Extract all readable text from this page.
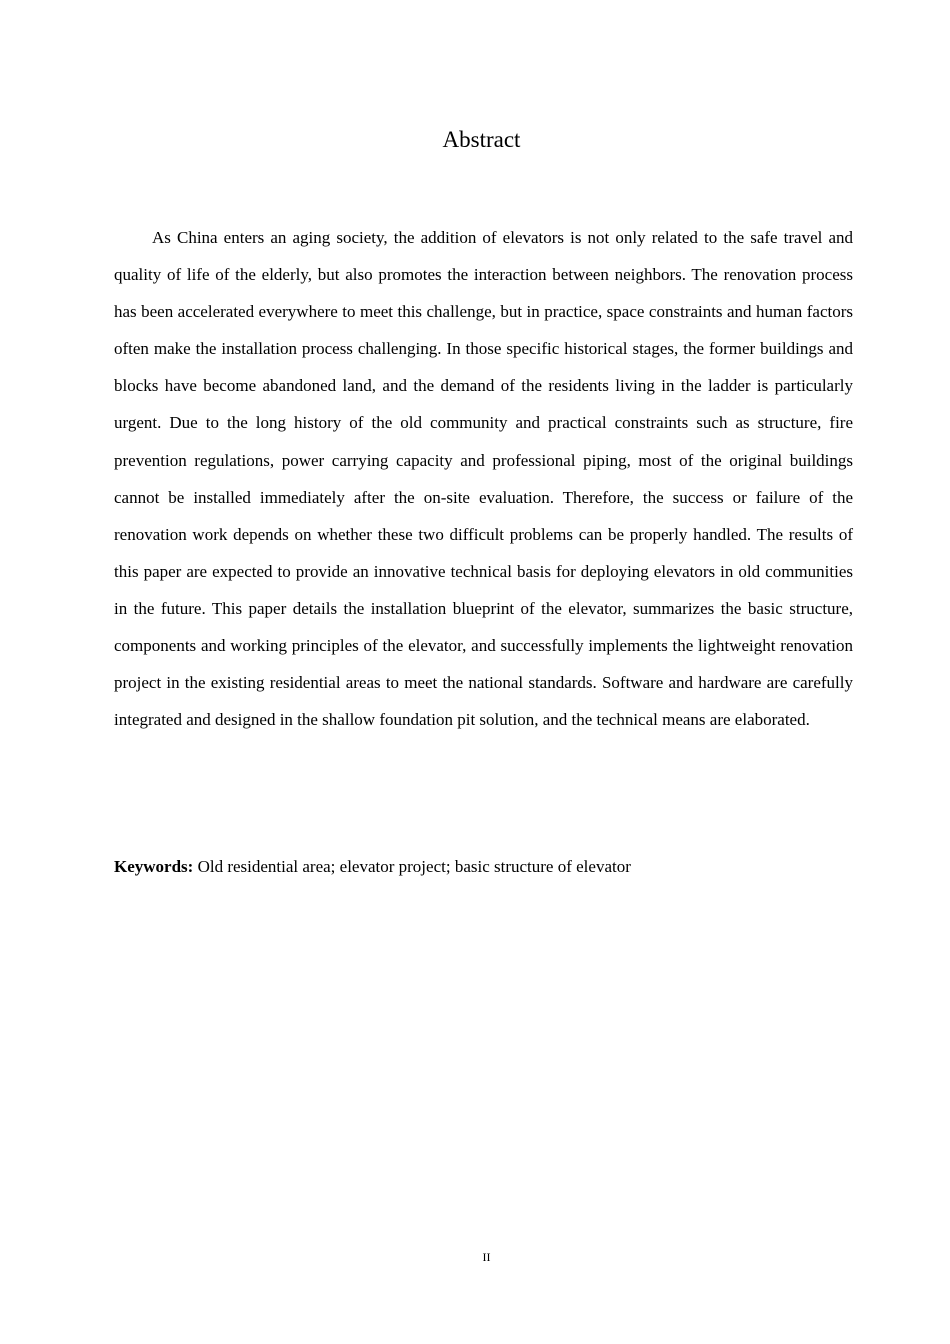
Abstract

As China enters an aging society, the addition of elevators is not only related to the safe travel and quality of life of the elderly, but also promotes the interaction between neighbors. The renovation process has been accelerated everywhere to meet this challenge, but in practice, space constraints and human factors often make the installation process challenging. In those specific historical stages, the former buildings and blocks have become abandoned land, and the demand of the residents living in the ladder is particularly urgent. Due to the long history of the old community and practical constraints such as structure, fire prevention regulations, power carrying capacity and professional piping, most of the original buildings cannot be installed immediately after the on-site evaluation. Therefore, the success or failure of the renovation work depends on whether these two difficult problems can be properly handled. The results of this paper are expected to provide an innovative technical basis for deploying elevators in old communities in the future. This paper details the installation blueprint of the elevator, summarizes the basic structure, components and working principles of the elevator, and successfully implements the lightweight renovation project in the existing residential areas to meet the national standards. Software and hardware are carefully integrated and designed in the shallow foundation pit solution, and the technical means are elaborated.

Keywords: Old residential area; elevator project; basic structure of elevator

II
